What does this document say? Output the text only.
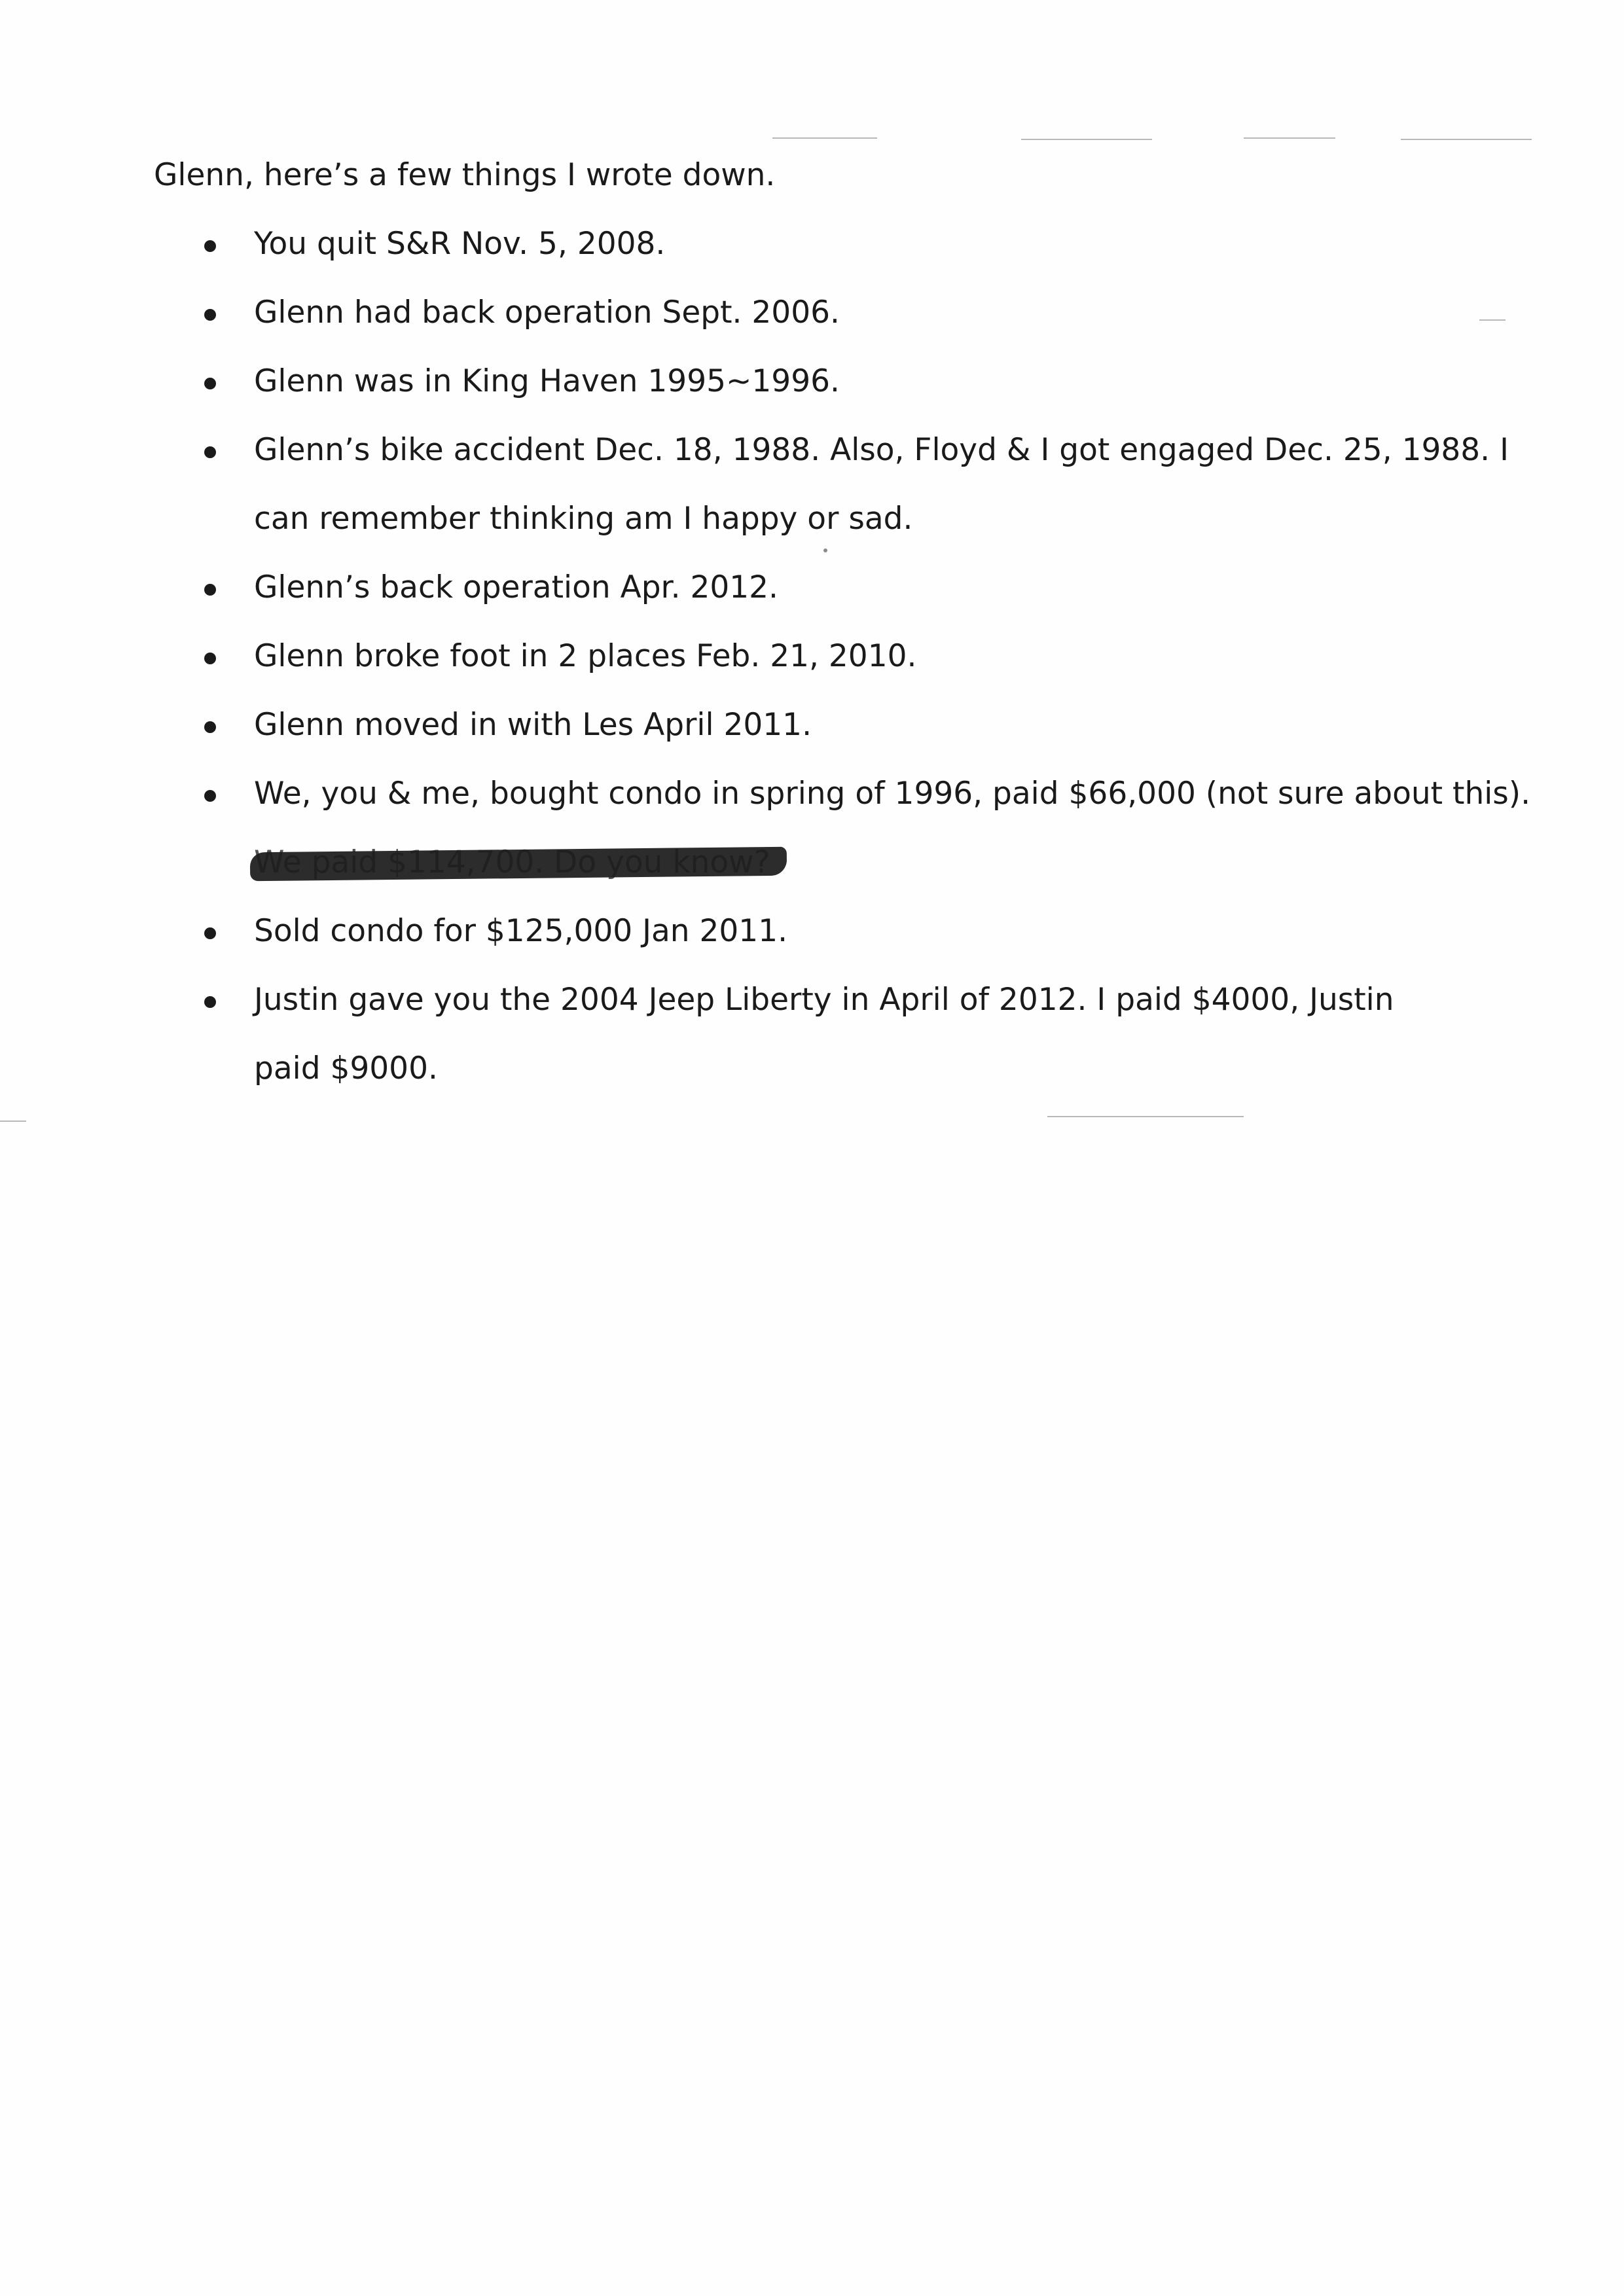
Glenn, here’s a few things I wrote down.
You quit S&R Nov. 5, 2008.
Glenn had back operation Sept. 2006.
Glenn was in King Haven 1995~1996.
Glenn’s bike accident Dec. 18, 1988. Also, Floyd & I got engaged Dec. 25, 1988. I
can remember thinking am I happy or sad.
Glenn’s back operation Apr. 2012.
Glenn broke foot in 2 places Feb. 21, 2010.
Glenn moved in with Les April 2011.
We, you & me, bought condo in spring of 1996, paid $66,000 (not sure about this).
Sold condo for $125,000 Jan 2011.
Justin gave you the 2004 Jeep Liberty in April of 2012. I paid $4000, Justin
paid $9000.
